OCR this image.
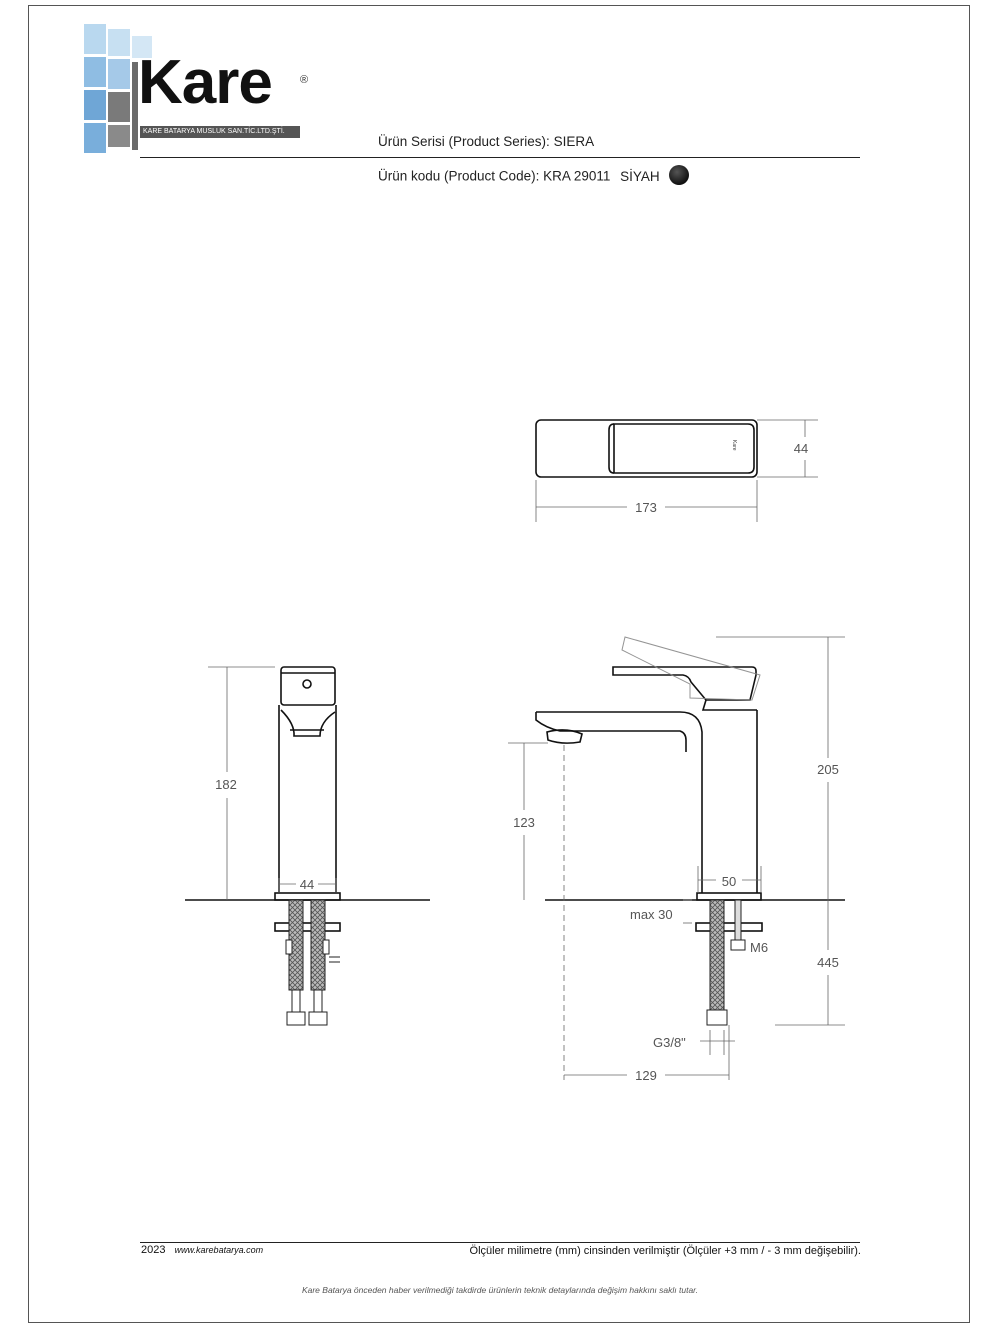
Kare	®
KARE BATARYA MUSLUK SAN.TİC.LTD.ŞTİ.
Ürün Serisi (Product Series): SIERA
Ürün kodu (Product Code): KRA 29011 SİYAH
Kare	44
173
182
44
123
205
50
max 30
M6
445
G3/8"
129
2023 www.karebatarya.com	Ölçüler milimetre (mm) cinsinden verilmiştir (Ölçüler +3 mm / - 3 mm değişebilir).
Kare Batarya önceden haber verilmediği takdirde ürünlerin teknik detaylarında değişim hakkını saklı tutar.
